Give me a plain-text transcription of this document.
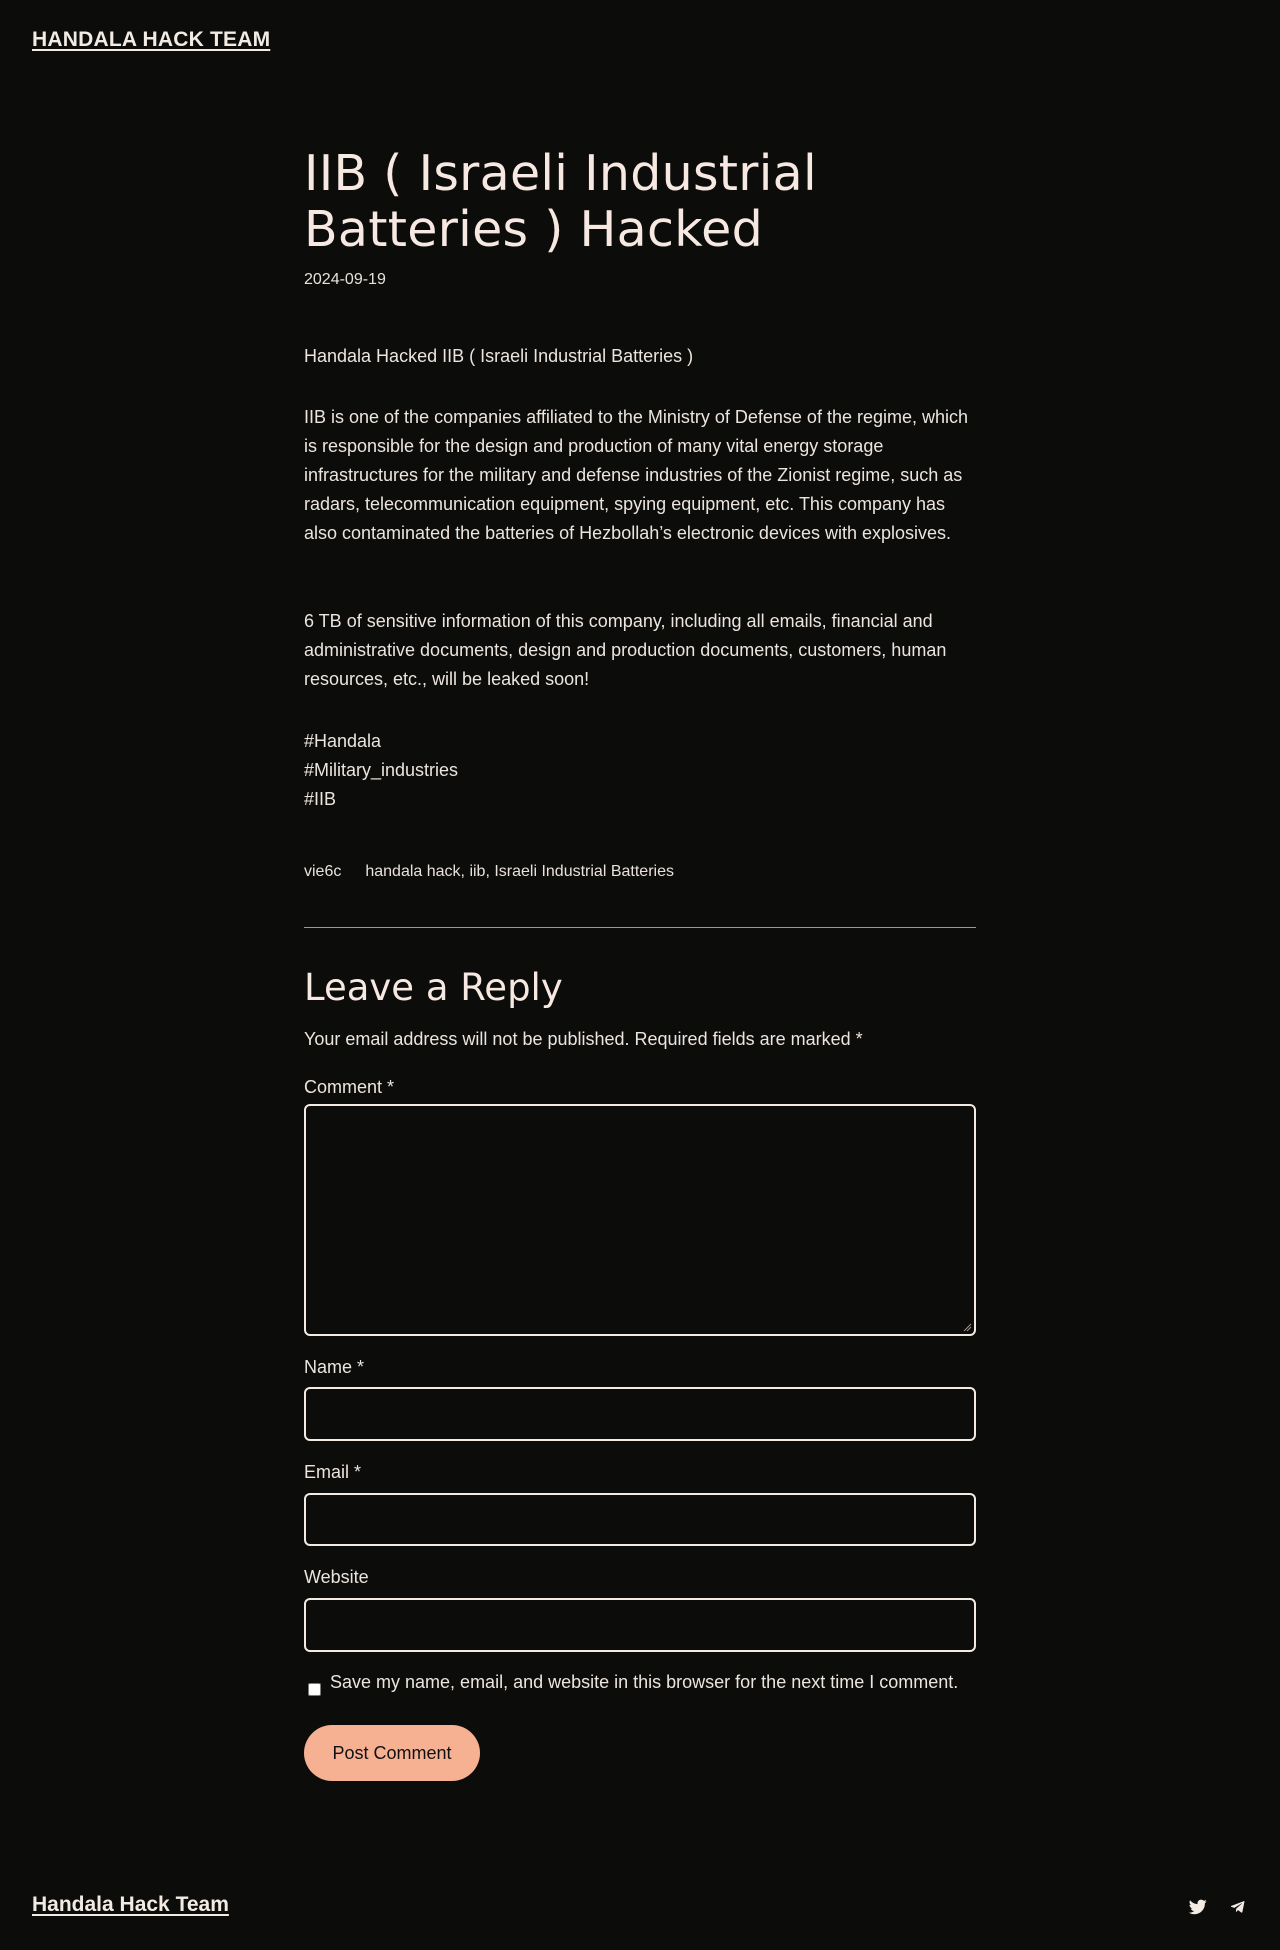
HANDALA HACK TEAM
IIB ( Israeli Industrial Batteries ) Hacked
2024-09-19

Handala Hacked IIB ( Israeli Industrial Batteries )

IIB is one of the companies affiliated to the Ministry of Defense of the regime, which is responsible for the design and production of many vital energy storage infrastructures for the military and defense industries of the Zionist regime, such as radars, telecommunication equipment, spying equipment, etc. This company has also contaminated the batteries of Hezbollah’s electronic devices with explosives.

6 TB of sensitive information of this company, including all emails, financial and administrative documents, design and production documents, customers, human resources, etc., will be leaked soon!

#Handala
#Military_industries
#IIB

vie6c handala hack, iib, Israeli Industrial Batteries
Leave a Reply
Your email address will not be published. Required fields are marked *
Comment *
Name *
Email *
Website
Save my name, email, and website in this browser for the next time I comment.
Post Comment
Handala Hack Team
